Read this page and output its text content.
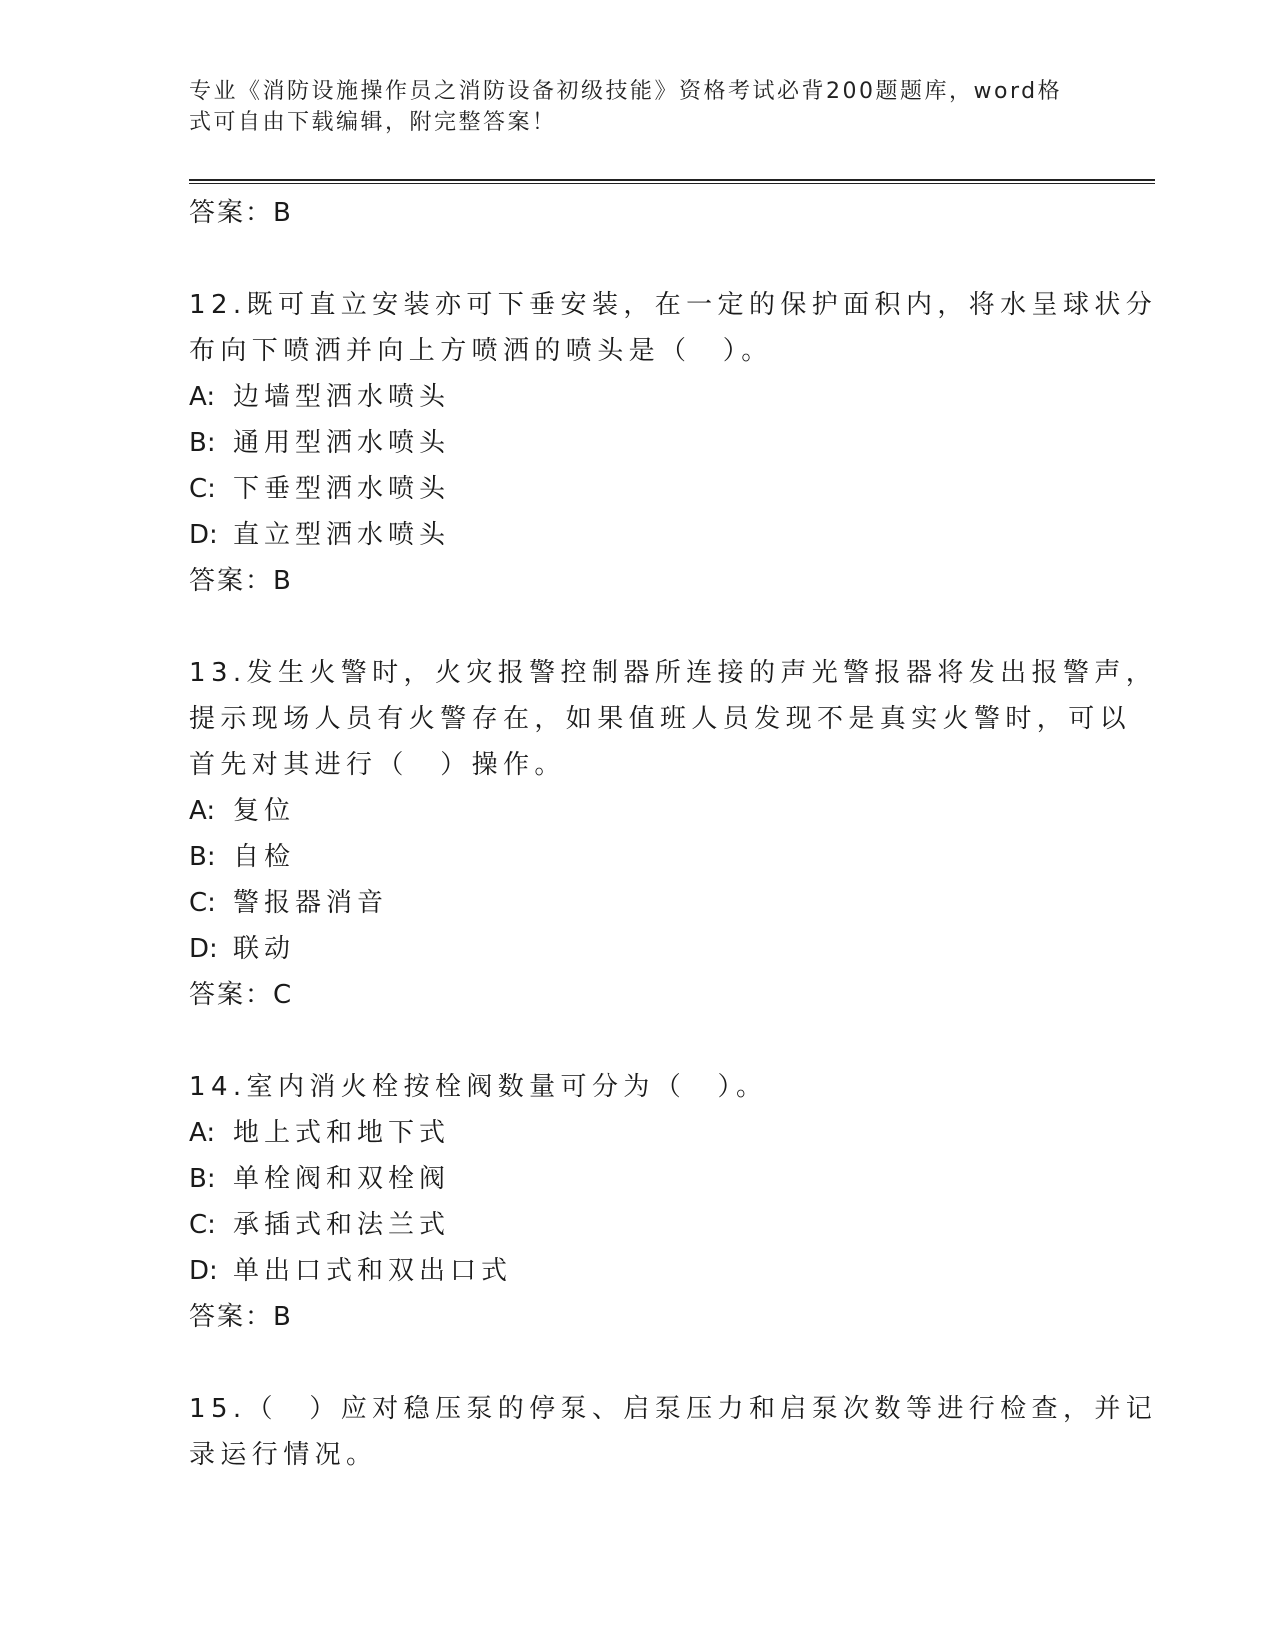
专业《消防设施操作员之消防设备初级技能》资格考试必背200题题库，word格
式可自由下载编辑，附完整答案！
答案：B
12.既可直立安装亦可下垂安装，在一定的保护面积内，将水呈球状分
布向下喷洒并向上方喷洒的喷头是（　）。
A: 边墙型洒水喷头
B: 通用型洒水喷头
C: 下垂型洒水喷头
D: 直立型洒水喷头
答案：B
13.发生火警时，火灾报警控制器所连接的声光警报器将发出报警声，
提示现场人员有火警存在，如果值班人员发现不是真实火警时，可以
首先对其进行（　）操作。
A: 复位
B: 自检
C: 警报器消音
D: 联动
答案：C
14.室内消火栓按栓阀数量可分为（　）。
A: 地上式和地下式
B: 单栓阀和双栓阀
C: 承插式和法兰式
D: 单出口式和双出口式
答案：B
15.（　）应对稳压泵的停泵、启泵压力和启泵次数等进行检查，并记
录运行情况。
